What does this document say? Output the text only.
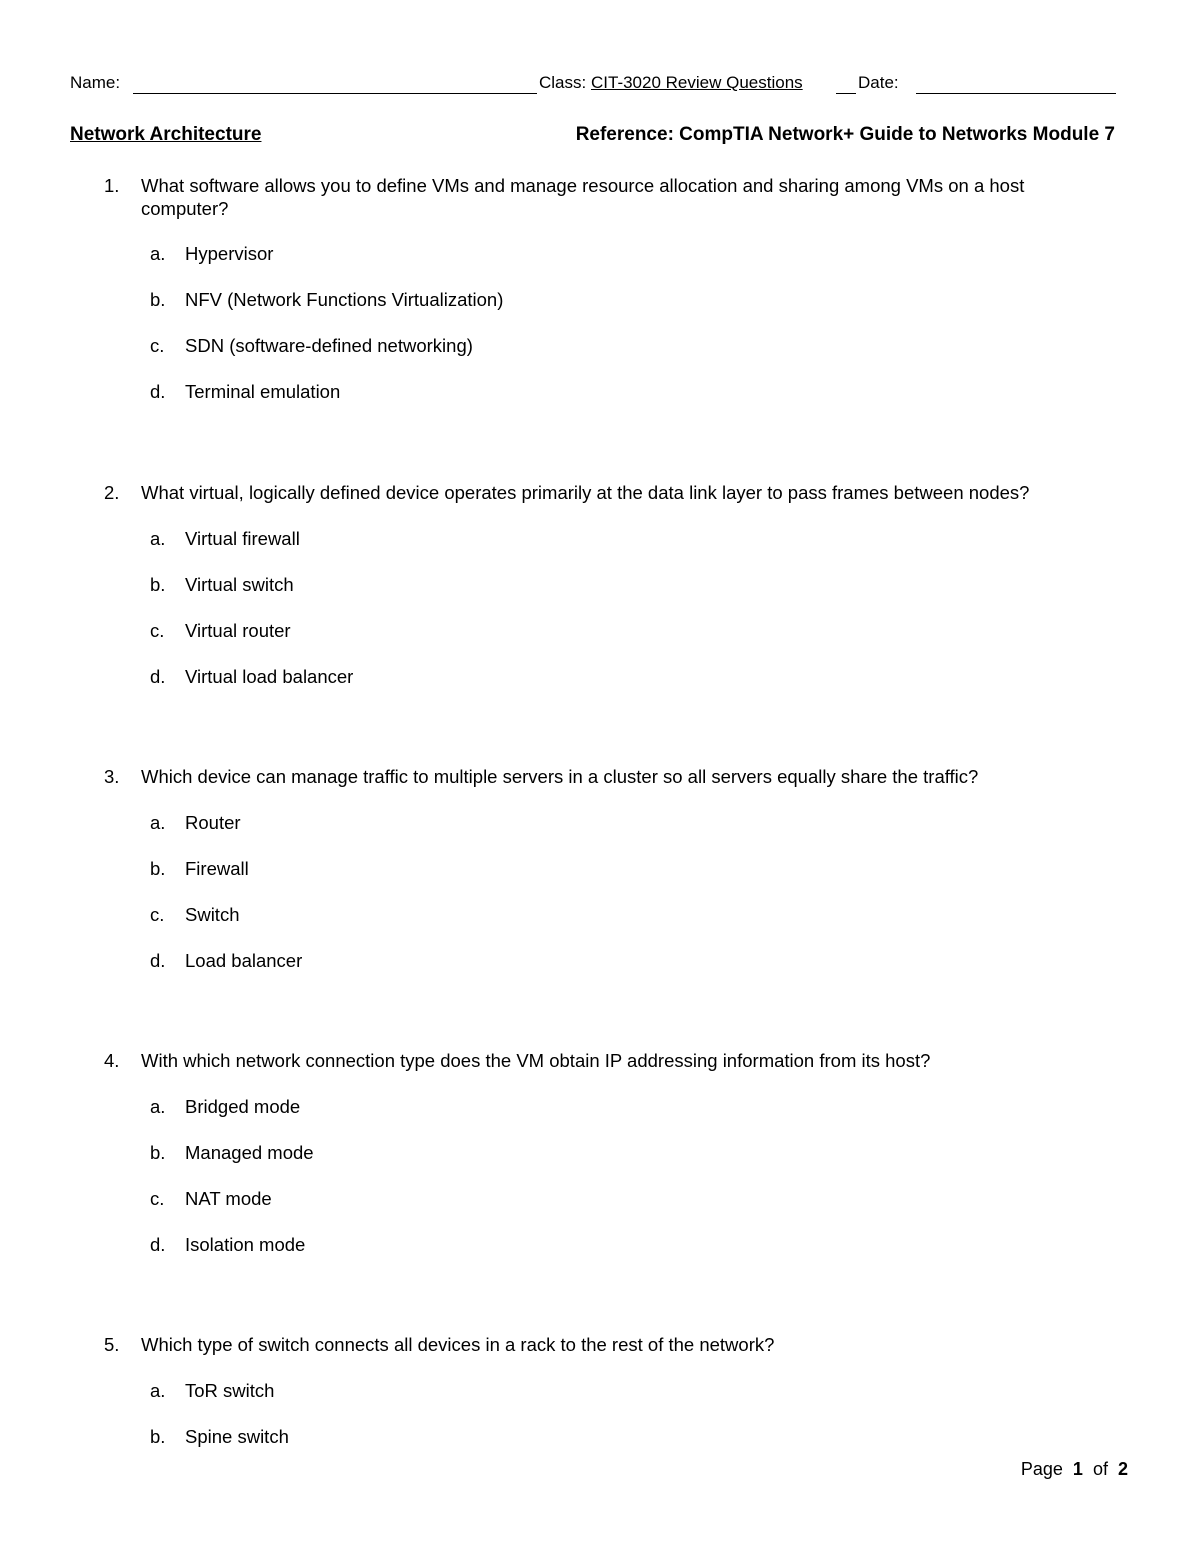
Name:	Class: CIT-3020 Review Questions	Date:
Network Architecture	Reference: CompTIA Network+ Guide to Networks Module 7
1. What software allows you to define VMs and manage resource allocation and sharing among VMs on a host computer?
a. Hypervisor
b. NFV (Network Functions Virtualization)
c. SDN (software-defined networking)
d. Terminal emulation
2. What virtual, logically defined device operates primarily at the data link layer to pass frames between nodes?
a. Virtual firewall
b. Virtual switch
c. Virtual router
d. Virtual load balancer
3. Which device can manage traffic to multiple servers in a cluster so all servers equally share the traffic?
a. Router
b. Firewall
c. Switch
d. Load balancer
4. With which network connection type does the VM obtain IP addressing information from its host?
a. Bridged mode
b. Managed mode
c. NAT mode
d. Isolation mode
5. Which type of switch connects all devices in a rack to the rest of the network?
a. ToR switch
b. Spine switch
Page 1 of 2
